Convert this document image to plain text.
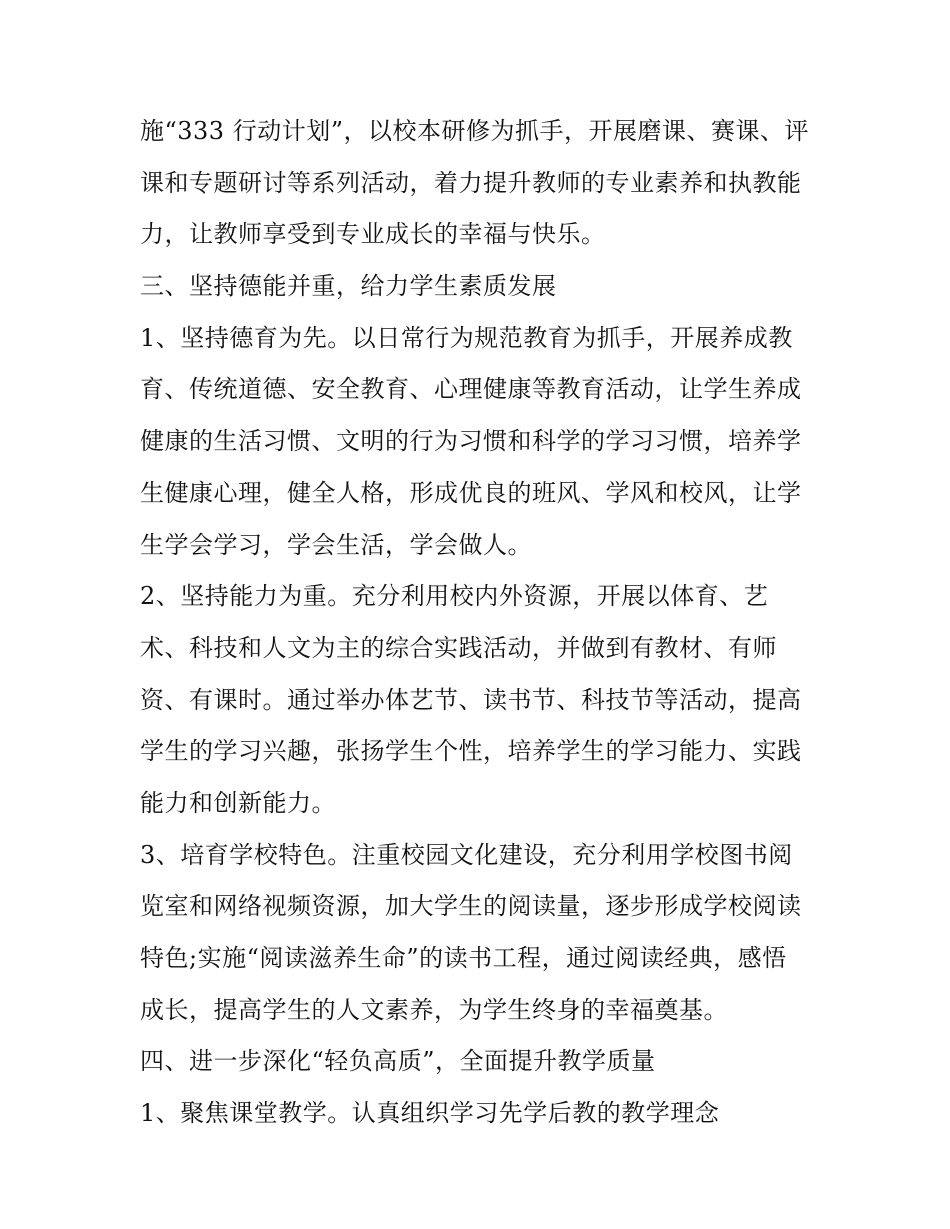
施“333 行动计划”，以校本研修为抓手，开展磨课、赛课、评
课和专题研讨等系列活动，着力提升教师的专业素养和执教能
力，让教师享受到专业成长的幸福与快乐。
三、坚持德能并重，给力学生素质发展
1、坚持德育为先。以日常行为规范教育为抓手，开展养成教
育、传统道德、安全教育、心理健康等教育活动，让学生养成
健康的生活习惯、文明的行为习惯和科学的学习习惯，培养学
生健康心理，健全人格，形成优良的班风、学风和校风，让学
生学会学习，学会生活，学会做人。
2、坚持能力为重。充分利用校内外资源，开展以体育、艺
术、科技和人文为主的综合实践活动，并做到有教材、有师
资、有课时。通过举办体艺节、读书节、科技节等活动，提高
学生的学习兴趣，张扬学生个性，培养学生的学习能力、实践
能力和创新能力。
3、培育学校特色。注重校园文化建设，充分利用学校图书阅
览室和网络视频资源，加大学生的阅读量，逐步形成学校阅读
特色;实施“阅读滋养生命”的读书工程，通过阅读经典，感悟
成长，提高学生的人文素养，为学生终身的幸福奠基。
四、进一步深化“轻负高质”，全面提升教学质量
1、聚焦课堂教学。认真组织学习先学后教的教学理念
